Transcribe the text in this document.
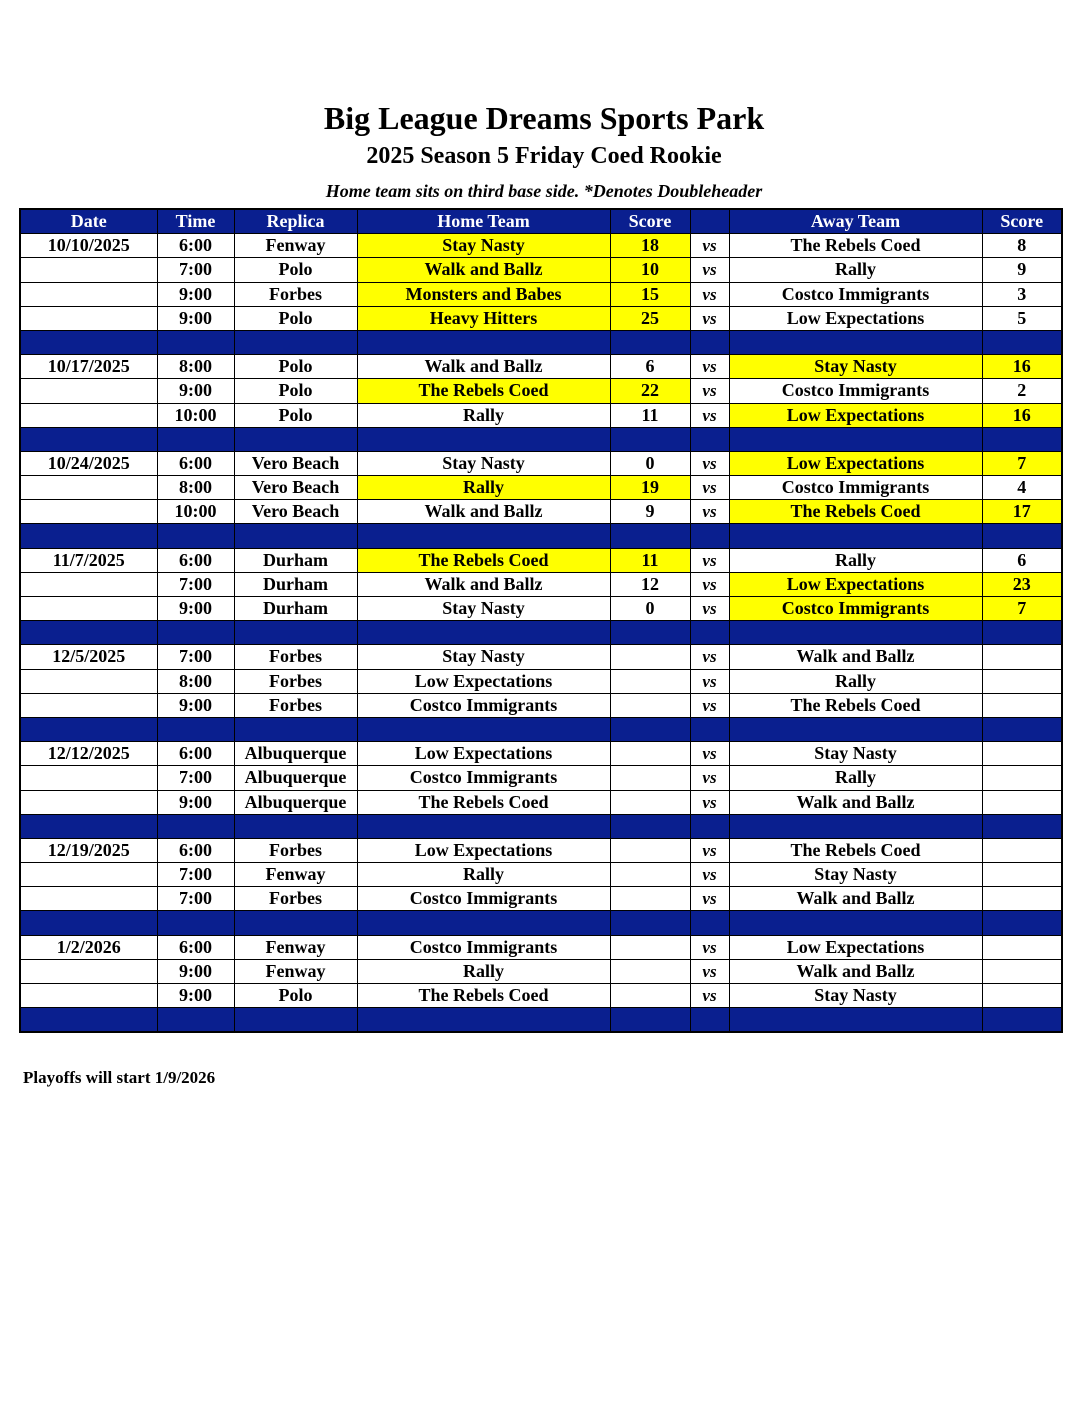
Big League Dreams Sports Park
2025 Season 5 Friday Coed Rookie
Home team sits on third base side. *Denotes Doubleheader
Date	Time	Replica	Home Team	Score		Away Team	Score
10/10/2025	6:00	Fenway	Stay Nasty	18	vs	The Rebels Coed	8
	7:00	Polo	Walk and Ballz	10	vs	Rally	9
	9:00	Forbes	Monsters and Babes	15	vs	Costco Immigrants	3
	9:00	Polo	Heavy Hitters	25	vs	Low Expectations	5

10/17/2025	8:00	Polo	Walk and Ballz	6	vs	Stay Nasty	16
	9:00	Polo	The Rebels Coed	22	vs	Costco Immigrants	2
	10:00	Polo	Rally	11	vs	Low Expectations	16

10/24/2025	6:00	Vero Beach	Stay Nasty	0	vs	Low Expectations	7
	8:00	Vero Beach	Rally	19	vs	Costco Immigrants	4
	10:00	Vero Beach	Walk and Ballz	9	vs	The Rebels Coed	17

11/7/2025	6:00	Durham	The Rebels Coed	11	vs	Rally	6
	7:00	Durham	Walk and Ballz	12	vs	Low Expectations	23
	9:00	Durham	Stay Nasty	0	vs	Costco Immigrants	7

12/5/2025	7:00	Forbes	Stay Nasty		vs	Walk and Ballz	
	8:00	Forbes	Low Expectations		vs	Rally	
	9:00	Forbes	Costco Immigrants		vs	The Rebels Coed	

12/12/2025	6:00	Albuquerque	Low Expectations		vs	Stay Nasty	
	7:00	Albuquerque	Costco Immigrants		vs	Rally	
	9:00	Albuquerque	The Rebels Coed		vs	Walk and Ballz	

12/19/2025	6:00	Forbes	Low Expectations		vs	The Rebels Coed	
	7:00	Fenway	Rally		vs	Stay Nasty	
	7:00	Forbes	Costco Immigrants		vs	Walk and Ballz	

1/2/2026	6:00	Fenway	Costco Immigrants		vs	Low Expectations	
	9:00	Fenway	Rally		vs	Walk and Ballz	
	9:00	Polo	The Rebels Coed		vs	Stay Nasty	

Playoffs will start 1/9/2026
